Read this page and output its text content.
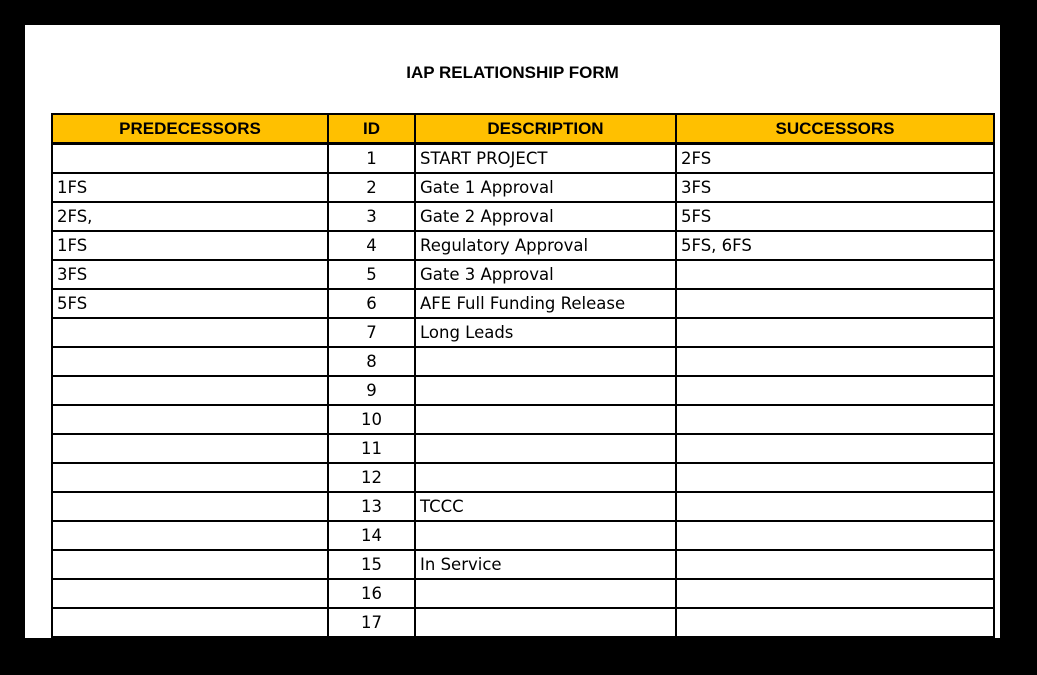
IAP RELATIONSHIP FORM
PREDECESSORS	ID	DESCRIPTION	SUCCESSORS
	1	START PROJECT	2FS
1FS	2	Gate 1 Approval	3FS
2FS,	3	Gate 2 Approval	5FS
1FS	4	Regulatory Approval	5FS, 6FS
3FS	5	Gate 3 Approval	
5FS	6	AFE Full Funding Release	
	7	Long Leads	
	8		
	9		
	10		
	11		
	12		
	13	TCCC	
	14		
	15	In Service	
	16		
	17		
